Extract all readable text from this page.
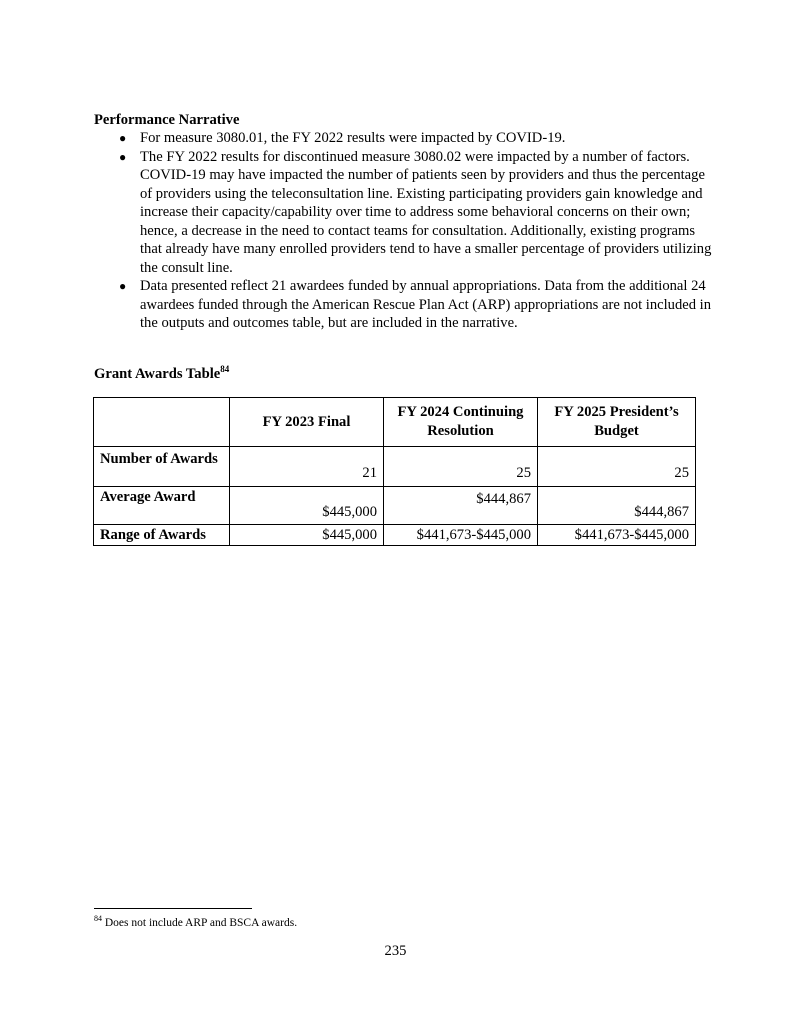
Performance Narrative
● For measure 3080.01, the FY 2022 results were impacted by COVID-19.
● The FY 2022 results for discontinued measure 3080.02 were impacted by a number of factors. COVID-19 may have impacted the number of patients seen by providers and thus the percentage of providers using the teleconsultation line. Existing participating providers gain knowledge and increase their capacity/capability over time to address some behavioral concerns on their own; hence, a decrease in the need to contact teams for consultation. Additionally, existing programs that already have many enrolled providers tend to have a smaller percentage of providers utilizing the consult line.
● Data presented reflect 21 awardees funded by annual appropriations. Data from the additional 24 awardees funded through the American Rescue Plan Act (ARP) appropriations are not included in the outputs and outcomes table, but are included in the narrative.
Grant Awards Table$^{84}$
	FY 2023 Final	FY 2024 Continuing Resolution	FY 2025 President’s Budget
Number of Awards	21	25	25
Average Award	$445,000	$444,867	$444,867
Range of Awards	$445,000	$441,673-$445,000	$441,673-$445,000
$^{84}$ Does not include ARP and BSCA awards.
235
